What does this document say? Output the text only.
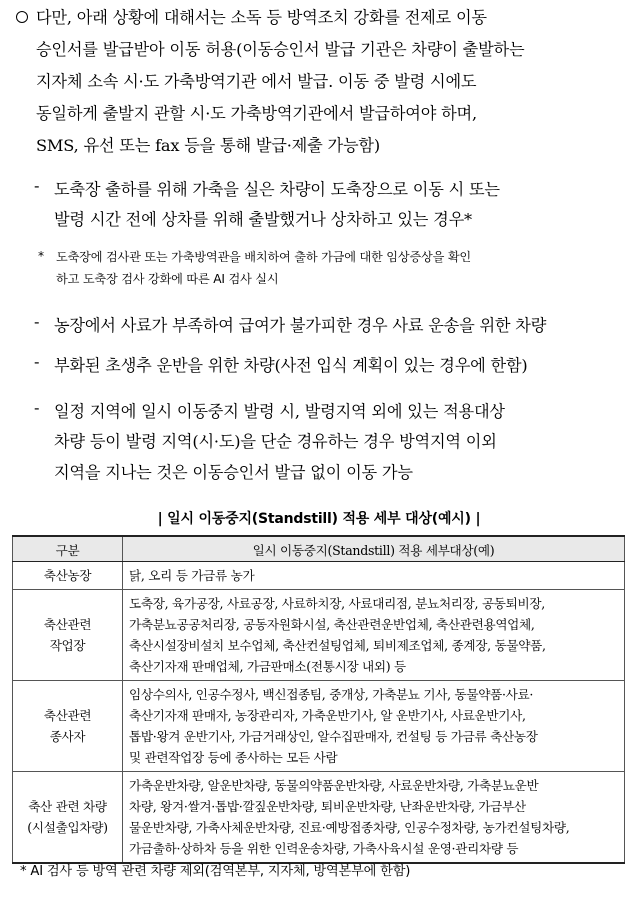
다만, 아래 상황에 대해서는 소독 등 방역조치 강화를 전제로 이동
승인서를 발급받아 이동 허용(이동승인서 발급 기관은 차량이 출발하는
지자체 소속 시·도 가축방역기관 에서 발급. 이동 중 발령 시에도
동일하게 출발지 관할 시·도 가축방역기관에서 발급하여야 하며,
SMS, 유선 또는 fax 등을 통해 발급·제출 가능함)
- 도축장 출하를 위해 가축을 실은 차량이 도축장으로 이동 시 또는
발령 시간 전에 상차를 위해 출발했거나 상차하고 있는 경우*
* 도축장에 검사관 또는 가축방역관을 배치하여 출하 가금에 대한 임상증상을 확인
하고 도축장 검사 강화에 따른 AI 검사 실시
- 농장에서 사료가 부족하여 급여가 불가피한 경우 사료 운송을 위한 차량
- 부화된 초생추 운반을 위한 차량(사전 입식 계획이 있는 경우에 한함)
- 일정 지역에 일시 이동중지 발령 시, 발령지역 외에 있는 적용대상
차량 등이 발령 지역(시·도)을 단순 경유하는 경우 방역지역 이외
지역을 지나는 것은 이동승인서 발급 없이 이동 가능
| 일시 이동중지(Standstill) 적용 세부 대상(예시) |
구분	일시 이동중지(Standstill) 적용 세부대상(예)
축산농장	닭, 오리 등 가금류 농가

축산관련
작업장	도축장, 육가공장, 사료공장, 사료하치장, 사료대리점, 분뇨처리장, 공동퇴비장,
가축분뇨공공처리장, 공동자원화시설, 축산관련운반업체, 축산관련용역업체,
축산시설장비설치 보수업체, 축산컨설팅업체, 퇴비제조업체, 종계장, 동물약품,
축산기자재 판매업체, 가금판매소(전통시장 내외) 등

축산관련
종사자	임상수의사, 인공수정사, 백신접종팀, 중개상, 가축분뇨 기사, 동물약품·사료·
축산기자재 판매자, 농장관리자, 가축운반기사, 알 운반기사, 사료운반기사,
톱밥·왕겨 운반기사, 가금거래상인, 알수집판매자, 컨설팅 등 가금류 축산농장
및 관련작업장 등에 종사하는 모든 사람

축산 관련 차량
(시설출입차량)	가축운반차량, 알운반차량, 동물의약품운반차량, 사료운반차량, 가축분뇨운반
차량, 왕겨·쌀겨·톱밥·깔짚운반차량, 퇴비운반차량, 난좌운반차량, 가금부산
물운반차량, 가축사체운반차량, 진료·예방접종차량, 인공수정차량, 농가컨설팅차량,
가금출하·상하차 등을 위한 인력운송차량, 가축사육시설 운영·관리차량 등
* AI 검사 등 방역 관련 차량 제외(검역본부, 지자체, 방역본부에 한함)
